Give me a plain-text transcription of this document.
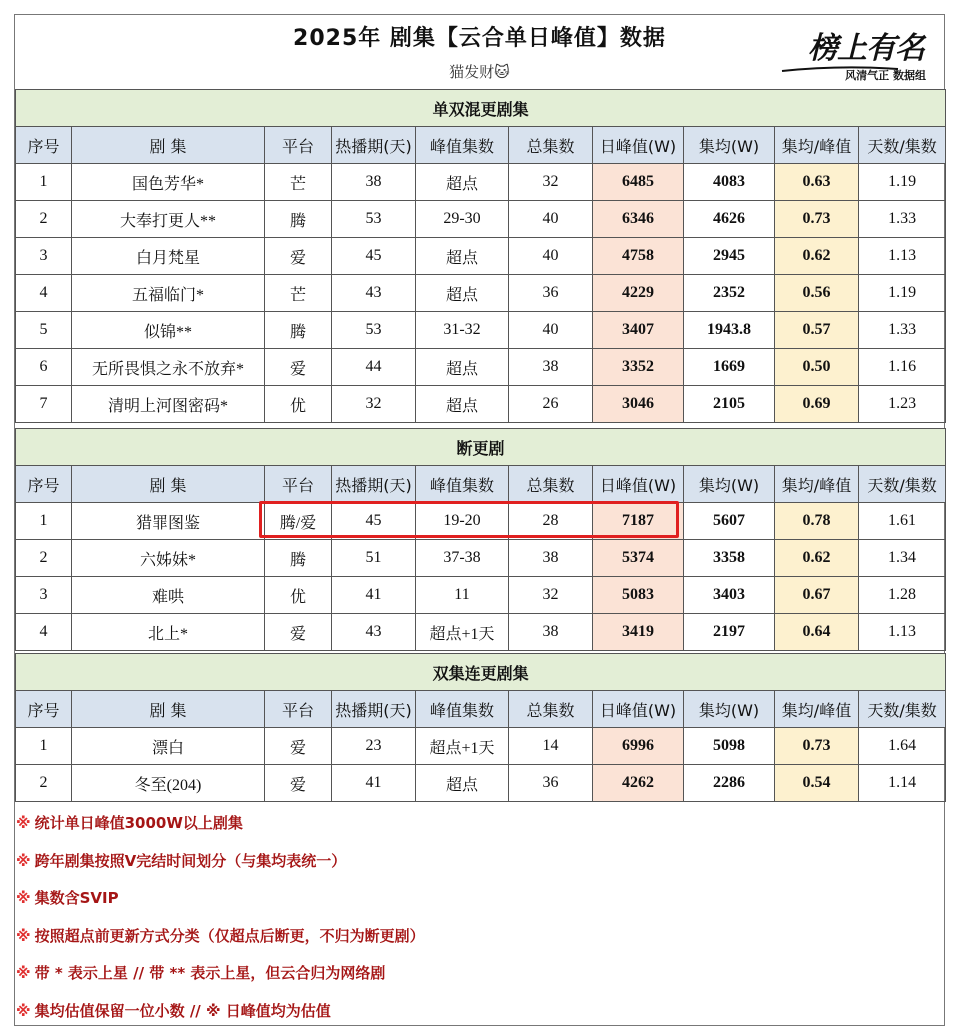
2025年 剧集【云合单日峰值】数据
猫发财🐱
榜上有名
风清气正 数据组
单双混更剧集									
序号	剧 集	平台	热播期(天)	峰值集数	总集数	日峰值(W)	集均(W)	集均/峰值	天数/集数
1	国色芳华*	芒	38	超点	32	6485	4083	0.63	1.19
2	大奉打更人**	腾	53	29-30	40	6346	4626	0.73	1.33
3	白月梵星	爱	45	超点	40	4758	2945	0.62	1.13
4	五福临门*	芒	43	超点	36	4229	2352	0.56	1.19
5	似锦**	腾	53	31-32	40	3407	1943.8	0.57	1.33
6	无所畏惧之永不放弃*	爱	44	超点	38	3352	1669	0.50	1.16
7	清明上河图密码*	优	32	超点	26	3046	2105	0.69	1.23
断更剧									
序号	剧 集	平台	热播期(天)	峰值集数	总集数	日峰值(W)	集均(W)	集均/峰值	天数/集数
1	猎罪图鉴	腾/爱	45	19-20	28	7187	5607	0.78	1.61
2	六姊妹*	腾	51	37-38	38	5374	3358	0.62	1.34
3	难哄	优	41	11	32	5083	3403	0.67	1.28
4	北上*	爱	43	超点+1天	38	3419	2197	0.64	1.13
双集连更剧集									
序号	剧 集	平台	热播期(天)	峰值集数	总集数	日峰值(W)	集均(W)	集均/峰值	天数/集数
1	漂白	爱	23	超点+1天	14	6996	5098	0.73	1.64
2	冬至(204)	爱	41	超点	36	4262	2286	0.54	1.14
※ 统计单日峰值3000W以上剧集
※ 跨年剧集按照V完结时间划分（与集均表统一）
※ 集数含SVIP
※ 按照超点前更新方式分类（仅超点后断更，不归为断更剧）
※ 带 * 表示上星 // 带 ** 表示上星，但云合归为网络剧
※ 集均估值保留一位小数 // ※ 日峰值均为估值
